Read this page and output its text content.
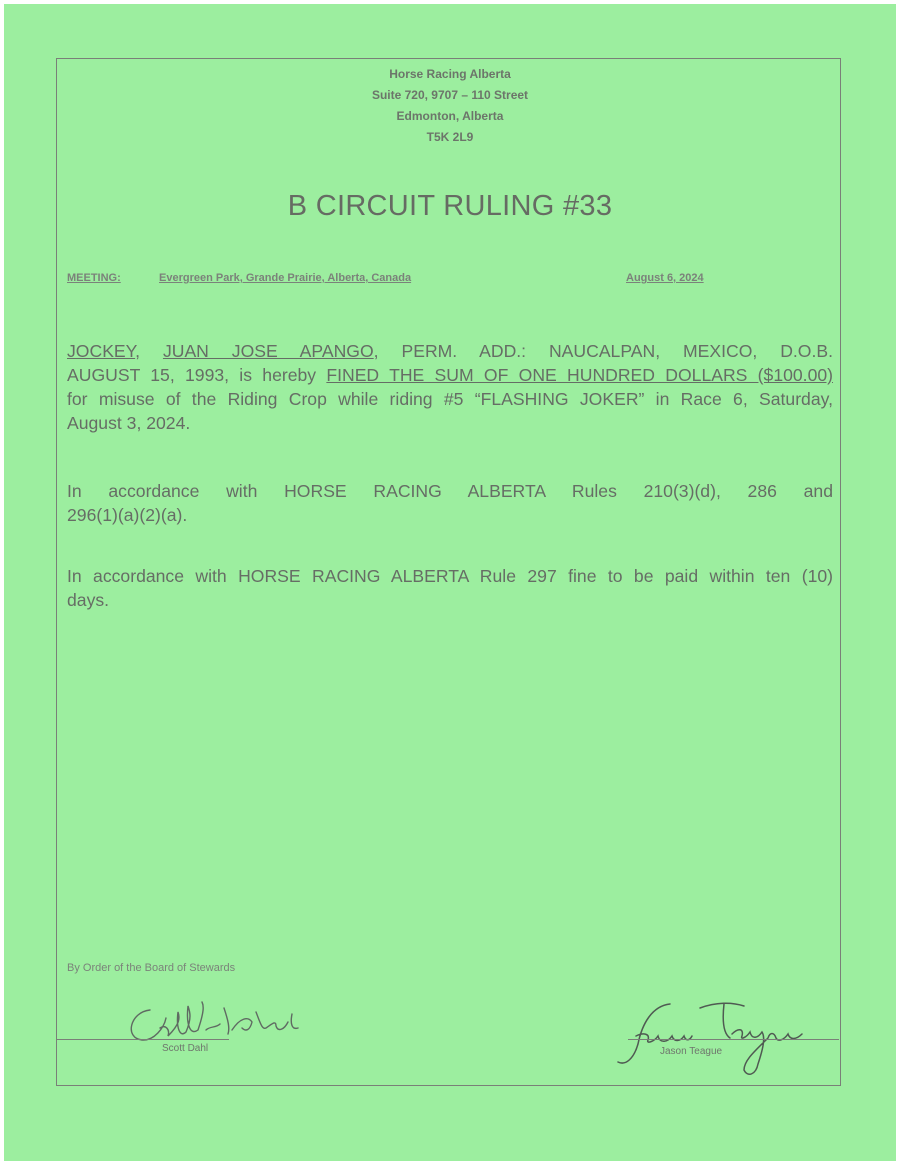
Horse Racing Alberta
Suite 720, 9707 – 110 Street
Edmonton, Alberta
T5K 2L9
B CIRCUIT RULING #33
MEETING:	Evergreen Park, Grande Prairie, Alberta, Canada	August 6, 2024
JOCKEY, JUAN JOSE APANGO, PERM. ADD.: NAUCALPAN, MEXICO, D.O.B.
AUGUST 15, 1993, is hereby FINED THE SUM OF ONE HUNDRED DOLLARS ($100.00)
for misuse of the Riding Crop while riding #5 “FLASHING JOKER” in Race 6, Saturday,
August 3, 2024.
In accordance with HORSE RACING ALBERTA Rules 210(3)(d), 286 and
296(1)(a)(2)(a).
In accordance with HORSE RACING ALBERTA Rule 297 fine to be paid within ten (10)
days.
By Order of the Board of Stewards
Scott Dahl	Jason Teague
